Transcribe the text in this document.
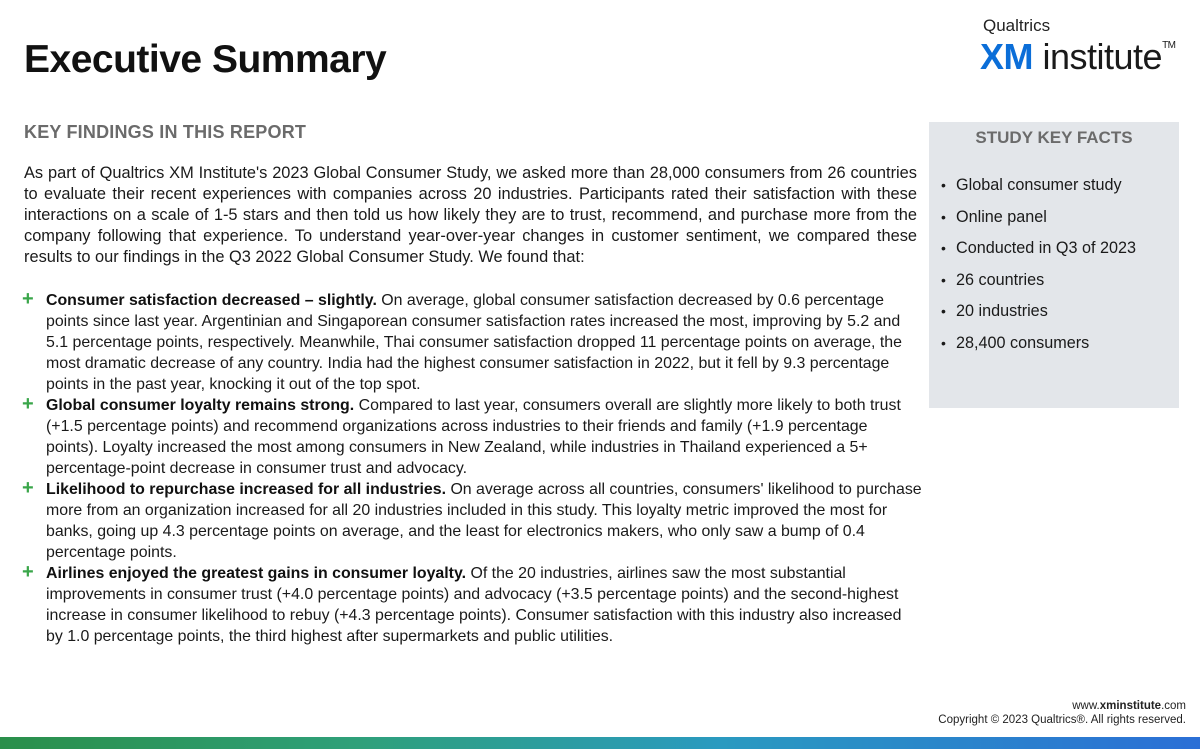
Executive Summary
Qualtrics
XM institute™
KEY FINDINGS IN THIS REPORT

As part of Qualtrics XM Institute's 2023 Global Consumer Study, we asked more than 28,000 consumers from 26 countries to evaluate their recent experiences with companies across 20 industries. Participants rated their satisfaction with these interactions on a scale of 1-5 stars and then told us how likely they are to trust, recommend, and purchase more from the company following that experience. To understand year-over-year changes in customer sentiment, we compared these results to our findings in the Q3 2022 Global Consumer Study. We found that:

+ Consumer satisfaction decreased – slightly. On average, global consumer satisfaction decreased by 0.6 percentage points since last year. Argentinian and Singaporean consumer satisfaction rates increased the most, improving by 5.2 and 5.1 percentage points, respectively. Meanwhile, Thai consumer satisfaction dropped 11 percentage points on average, the most dramatic decrease of any country. India had the highest consumer satisfaction in 2022, but it fell by 9.3 percentage points in the past year, knocking it out of the top spot.
+ Global consumer loyalty remains strong. Compared to last year, consumers overall are slightly more likely to both trust (+1.5 percentage points) and recommend organizations across industries to their friends and family (+1.9 percentage points). Loyalty increased the most among consumers in New Zealand, while industries in Thailand experienced a 5+ percentage-point decrease in consumer trust and advocacy.
+ Likelihood to repurchase increased for all industries. On average across all countries, consumers' likelihood to purchase more from an organization increased for all 20 industries included in this study. This loyalty metric improved the most for banks, going up 4.3 percentage points on average, and the least for electronics makers, who only saw a bump of 0.4 percentage points.
+ Airlines enjoyed the greatest gains in consumer loyalty. Of the 20 industries, airlines saw the most substantial improvements in consumer trust (+4.0 percentage points) and advocacy (+3.5 percentage points) and the second-highest increase in consumer likelihood to rebuy (+4.3 percentage points). Consumer satisfaction with this industry also increased by 1.0 percentage points, the third highest after supermarkets and public utilities.
STUDY KEY FACTS
• Global consumer study
• Online panel
• Conducted in Q3 of 2023
• 26 countries
• 20 industries
• 28,400 consumers
www.xminstitute.com
Copyright © 2023 Qualtrics®. All rights reserved.
